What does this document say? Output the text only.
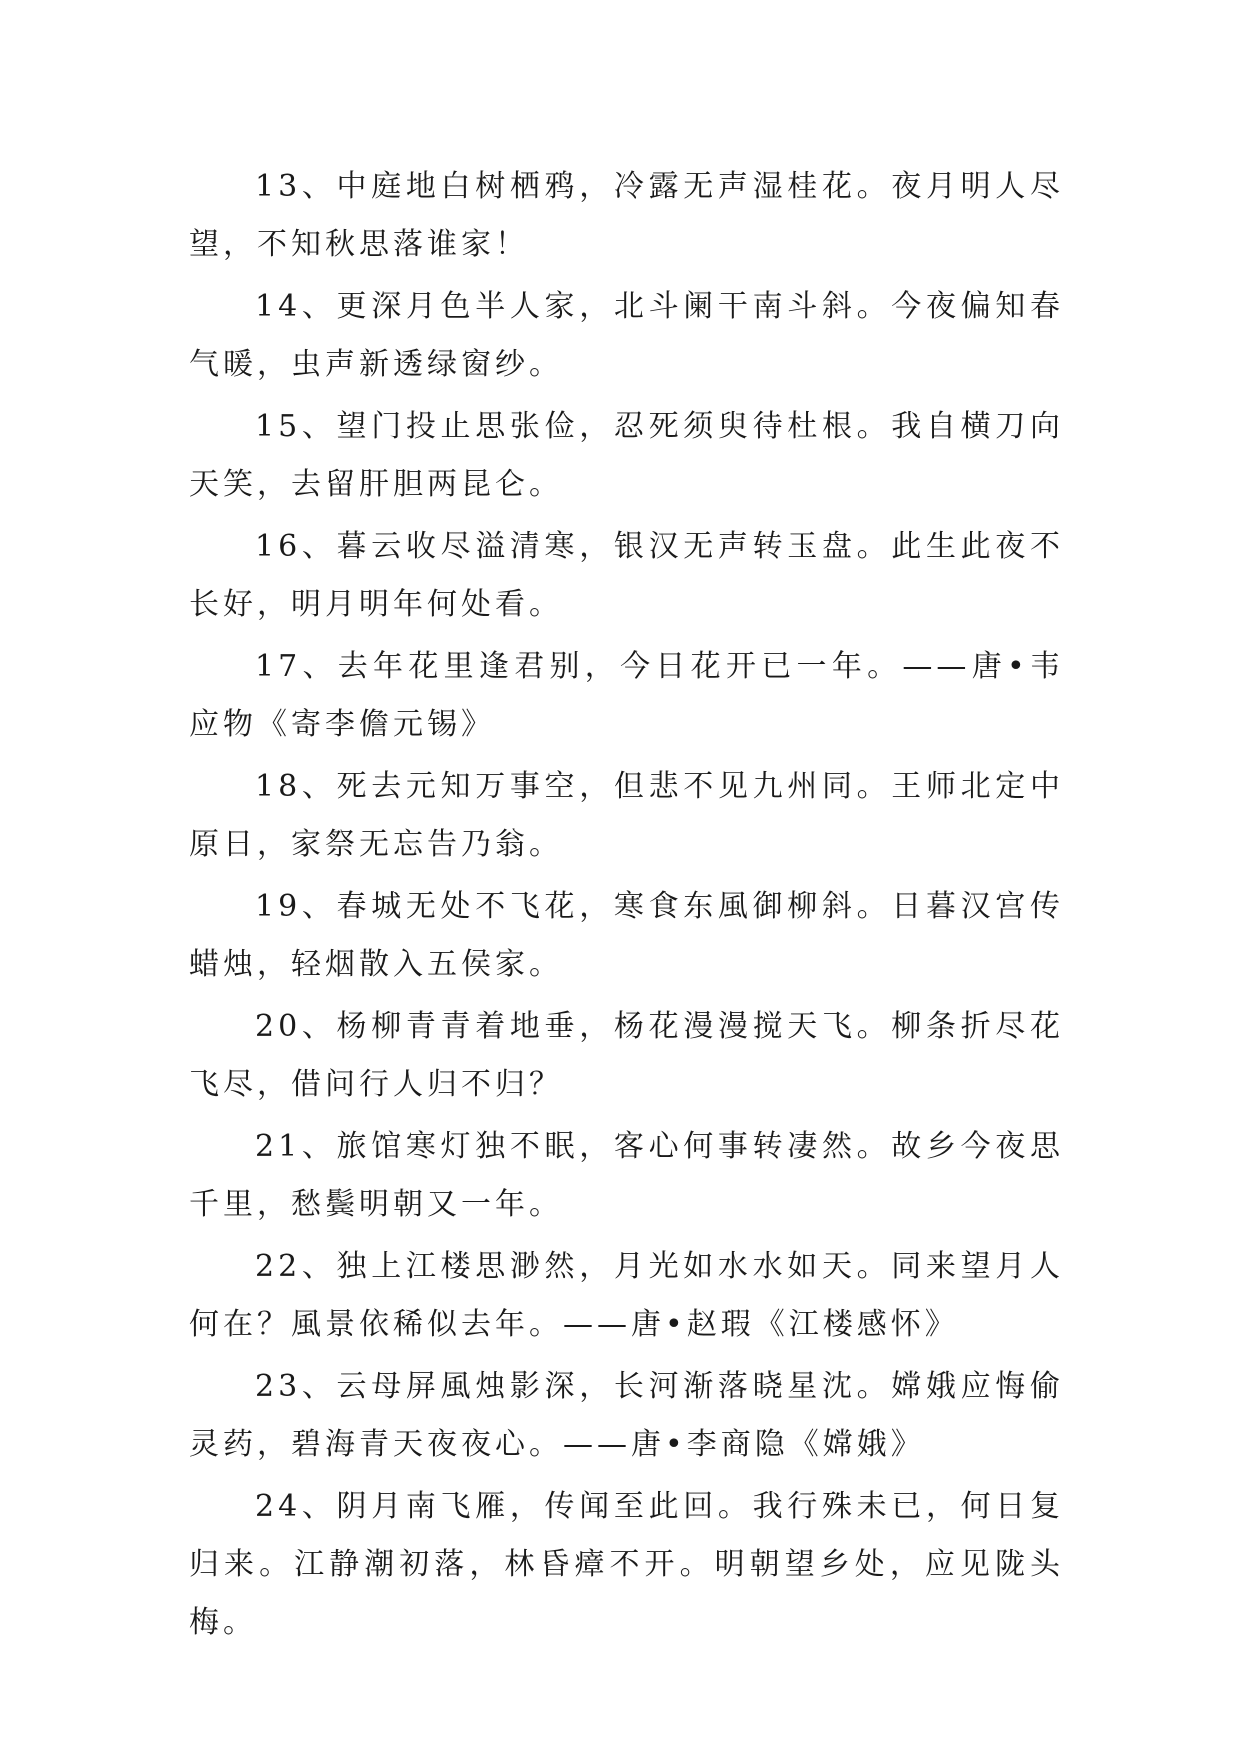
13、中庭地白树栖鸦，冷露无声湿桂花。夜月明人尽望，不知秋思落谁家！

14、更深月色半人家，北斗阑干南斗斜。今夜偏知春气暖，虫声新透绿窗纱。

15、望门投止思张俭，忍死须臾待杜根。我自横刀向天笑，去留肝胆两昆仑。

16、暮云收尽溢清寒，银汉无声转玉盘。此生此夜不长好，明月明年何处看。

17、去年花里逢君别，今日花开已一年。——唐•韦应物《寄李儋元锡》

18、死去元知万事空，但悲不见九州同。王师北定中原日，家祭无忘告乃翁。

19、春城无处不飞花，寒食东風御柳斜。日暮汉宫传蜡烛，轻烟散入五侯家。

20、杨柳青青着地垂，杨花漫漫搅天飞。柳条折尽花飞尽，借问行人归不归？

21、旅馆寒灯独不眠，客心何事转凄然。故乡今夜思千里，愁鬓明朝又一年。

22、独上江楼思渺然，月光如水水如天。同来望月人何在？風景依稀似去年。——唐•赵瑕《江楼感怀》

23、云母屏風烛影深，长河渐落晓星沈。嫦娥应悔偷灵药，碧海青天夜夜心。——唐•李商隐《嫦娥》

24、阴月南飞雁，传闻至此回。我行殊未已，何日复归来。江静潮初落，林昏瘴不开。明朝望乡处，应见陇头梅。
